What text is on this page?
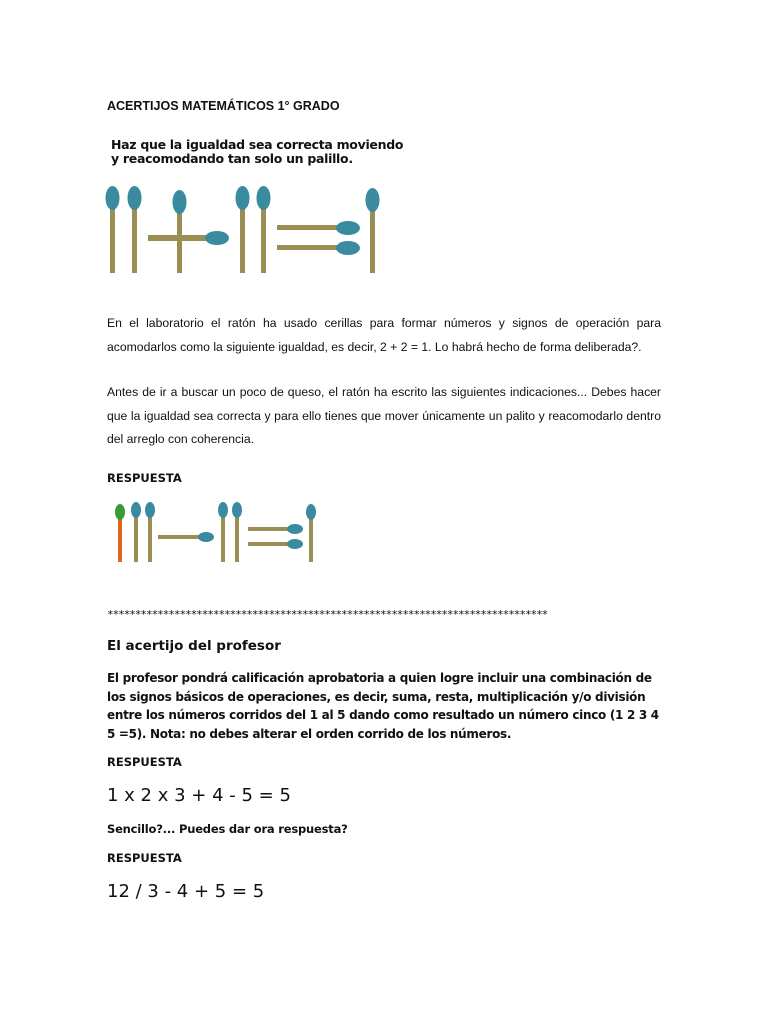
ACERTIJOS MATEMÁTICOS 1° GRADO
Haz que la igualdad sea correcta moviendo
y reacomodando tan solo un palillo.
En el laboratorio el ratón ha usado cerillas para formar números y signos de operación para acomodarlos como la siguiente igualdad, es decir, 2 + 2 = 1. Lo habrá hecho de forma deliberada?.
Antes de ir a buscar un poco de queso, el ratón ha escrito las siguientes indicaciones... Debes hacer que la igualdad sea correcta y para ello tienes que mover únicamente un palito y reacomodarlo dentro del arreglo con coherencia.
RESPUESTA
*******************************************************************************
El acertijo del profesor
El profesor pondrá calificación aprobatoria a quien logre incluir una combinación de los signos básicos de operaciones, es decir, suma, resta, multiplicación y/o división entre los números corridos del 1 al 5 dando como resultado un número cinco (1 2 3 4 5 =5). Nota: no debes alterar el orden corrido de los números.
RESPUESTA
1 x 2 x 3 + 4 - 5 = 5
Sencillo?... Puedes dar ora respuesta?
RESPUESTA
12 / 3 - 4 + 5 = 5
